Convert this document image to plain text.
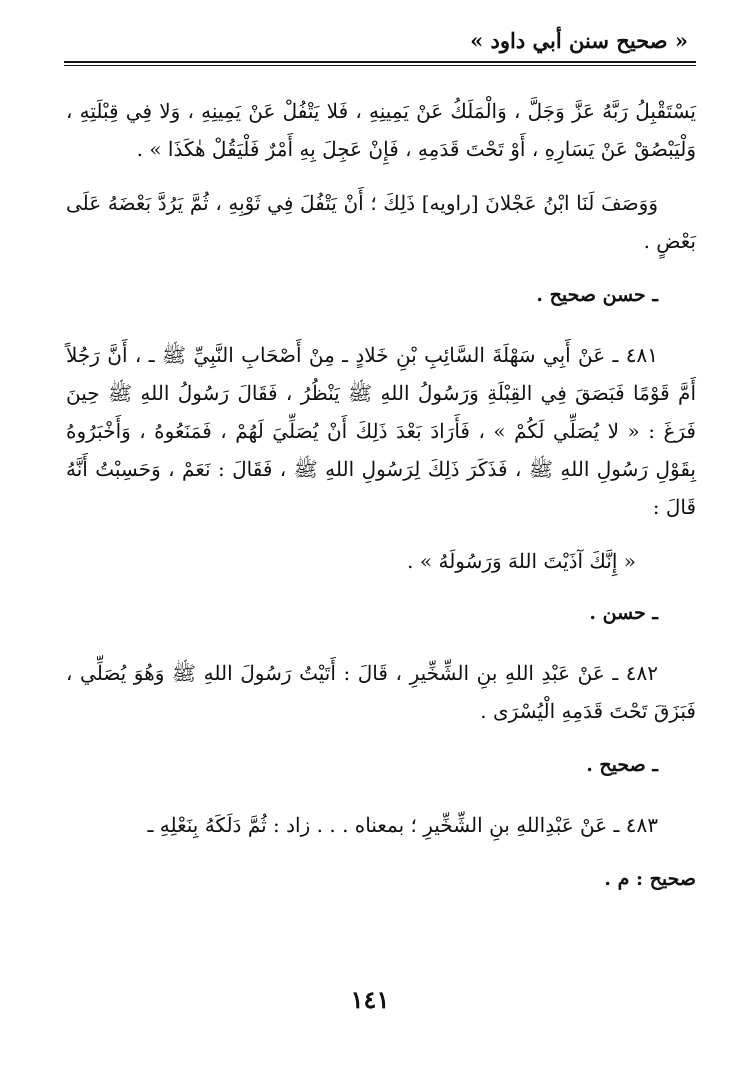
« صحيح سنن أبي داود »

يَسْتَقْبِلُ رَبَّهُ عَزَّ وَجَلَّ ، وَالْمَلَكُ عَنْ يَمِينِهِ ، فَلا يَتْفُلْ عَنْ يَمِينِهِ ، وَلا فِي قِبْلَتِهِ ، وَلْيَبْصُقْ عَنْ يَسَارِهِ ، أَوْ تَحْتَ قَدَمِهِ ، فَإِنْ عَجِلَ بِهِ أَمْرٌ فَلْيَقُلْ هٰكَذَا » .

وَوَصَفَ لَنَا ابْنُ عَجْلانَ [راويه] ذَلِكَ ؛ أَنْ يَتْفُلَ فِي ثَوْبِهِ ، ثُمَّ يَرُدَّ بَعْضَهُ عَلَى بَعْضٍ .

ـ حسن صحيح .

٤٨١ ـ عَنْ أَبِي سَهْلَةَ السَّائِبِ بْنِ خَلادٍ ـ مِنْ أَصْحَابِ النَّبِيِّ ﷺ ـ ، أَنَّ رَجُلاً أَمَّ قَوْمًا فَبَصَقَ فِي القِبْلَةِ وَرَسُولُ اللهِ ﷺ يَنْظُرُ ، فَقَالَ رَسُولُ اللهِ ﷺ حِينَ فَرَغَ : « لا يُصَلِّي لَكُمْ » ، فَأَرَادَ بَعْدَ ذَلِكَ أَنْ يُصَلِّيَ لَهُمْ ، فَمَنَعُوهُ ، وَأَخْبَرُوهُ بِقَوْلِ رَسُولِ اللهِ ﷺ ، فَذَكَرَ ذَلِكَ لِرَسُولِ اللهِ ﷺ ، فَقَالَ : نَعَمْ ، وَحَسِبْتُ أَنَّهُ قَالَ :

« إِنَّكَ آذَيْتَ اللهَ وَرَسُولَهُ » .

ـ حسن .

٤٨٢ ـ عَنْ عَبْدِ اللهِ بنِ الشِّخِّيرِ ، قَالَ : أَتَيْتُ رَسُولَ اللهِ ﷺ وَهُوَ يُصَلِّي ، فَبَزَقَ تَحْتَ قَدَمِهِ الْيُسْرَى .

ـ صحيح .

٤٨٣ ـ عَنْ عَبْدِاللهِ بنِ الشِّخِّيرِ ؛ بمعناه . . . زاد : ثُمَّ دَلَكَهُ بِنَعْلِهِ ـ

صحيح : م .

١٤١
